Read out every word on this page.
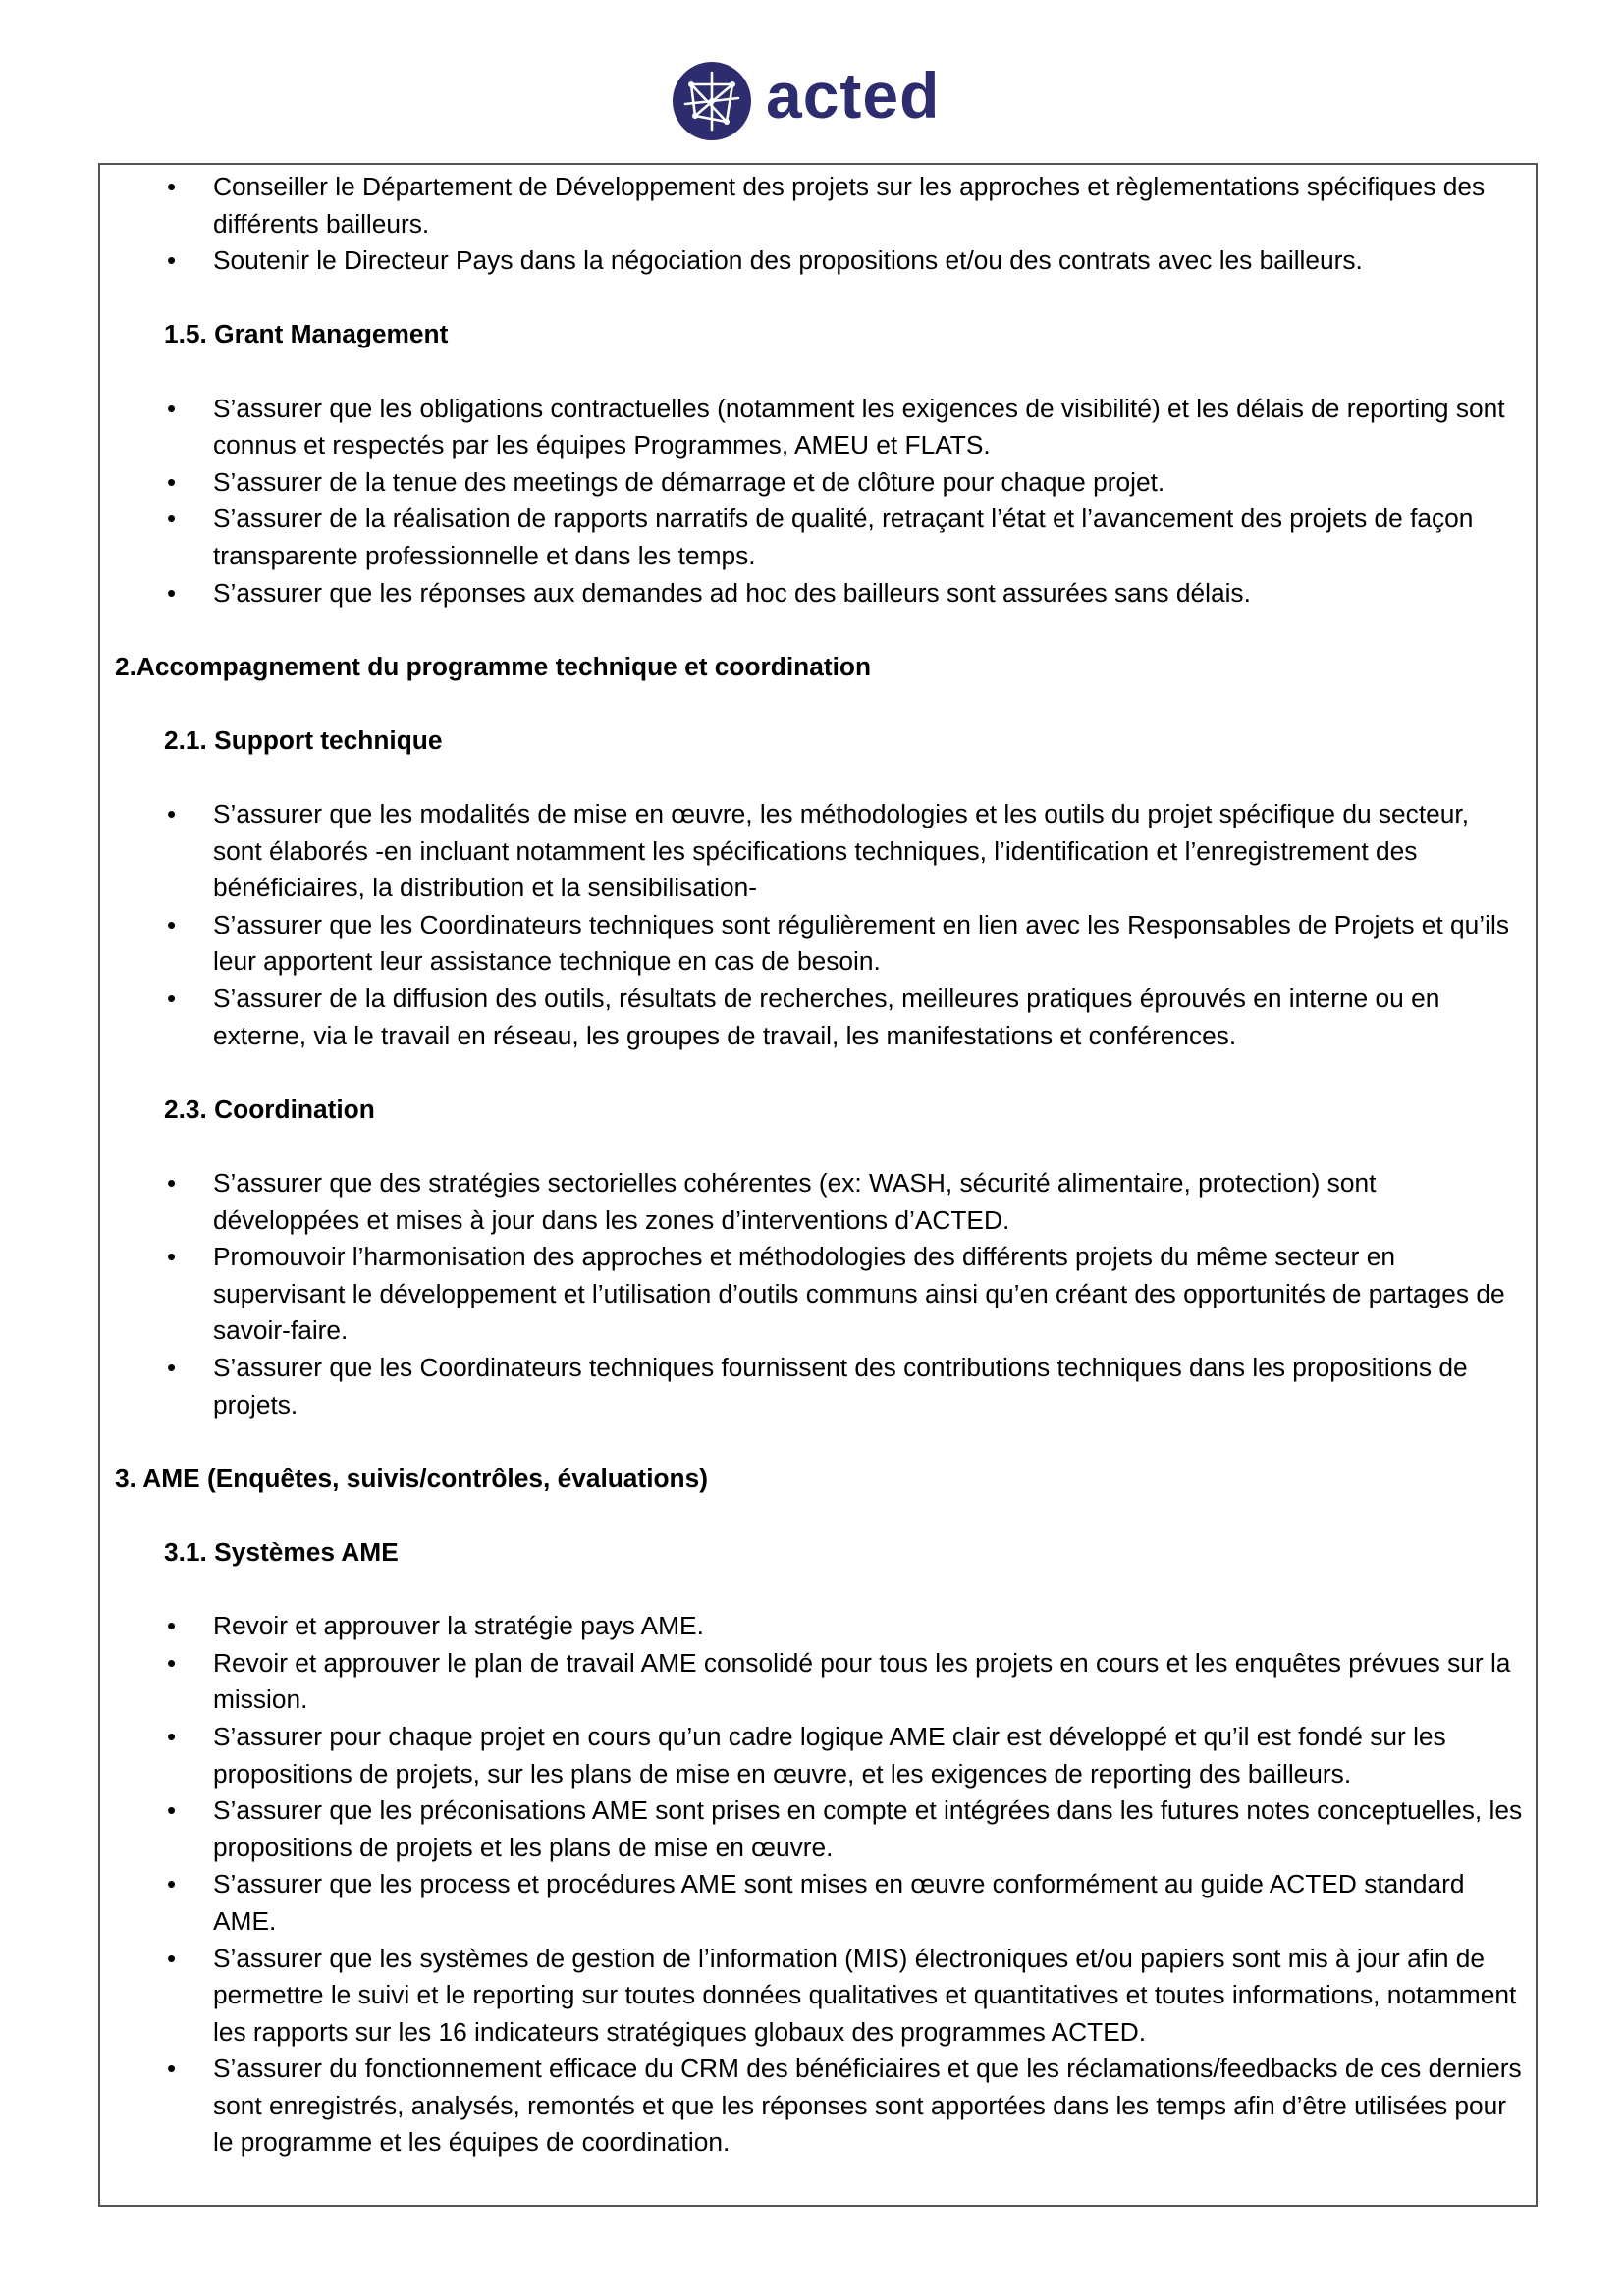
acted
• Conseiller le Département de Développement des projets sur les approches et règlementations spécifiques des différents bailleurs.
• Soutenir le Directeur Pays dans la négociation des propositions et/ou des contrats avec les bailleurs.
1.5. Grant Management
• S’assurer que les obligations contractuelles (notamment les exigences de visibilité) et les délais de reporting sont connus et respectés par les équipes Programmes, AMEU et FLATS.
• S’assurer de la tenue des meetings de démarrage et de clôture pour chaque projet.
• S’assurer de la réalisation de rapports narratifs de qualité, retraçant l’état et l’avancement des projets de façon transparente professionnelle et dans les temps.
• S’assurer que les réponses aux demandes ad hoc des bailleurs sont assurées sans délais.
2.Accompagnement du programme technique et coordination
2.1. Support technique
• S’assurer que les modalités de mise en œuvre, les méthodologies et les outils du projet spécifique du secteur, sont élaborés -en incluant notamment les spécifications techniques, l’identification et l’enregistrement des bénéficiaires, la distribution et la sensibilisation-
• S’assurer que les Coordinateurs techniques sont régulièrement en lien avec les Responsables de Projets et qu’ils leur apportent leur assistance technique en cas de besoin.
• S’assurer de la diffusion des outils, résultats de recherches, meilleures pratiques éprouvés en interne ou en externe, via le travail en réseau, les groupes de travail, les manifestations et conférences.
2.3. Coordination
• S’assurer que des stratégies sectorielles cohérentes (ex: WASH, sécurité alimentaire, protection) sont développées et mises à jour dans les zones d’interventions d’ACTED.
• Promouvoir l’harmonisation des approches et méthodologies des différents projets du même secteur en supervisant le développement et l’utilisation d’outils communs ainsi qu’en créant des opportunités de partages de savoir-faire.
• S’assurer que les Coordinateurs techniques fournissent des contributions techniques dans les propositions de projets.
3. AME (Enquêtes, suivis/contrôles, évaluations)
3.1. Systèmes AME
• Revoir et approuver la stratégie pays AME.
• Revoir et approuver le plan de travail AME consolidé pour tous les projets en cours et les enquêtes prévues sur la mission.
• S’assurer pour chaque projet en cours qu’un cadre logique AME clair est développé et qu’il est fondé sur les propositions de projets, sur les plans de mise en œuvre, et les exigences de reporting des bailleurs.
• S’assurer que les préconisations AME sont prises en compte et intégrées dans les futures notes conceptuelles, les propositions de projets et les plans de mise en œuvre.
• S’assurer que les process et procédures AME sont mises en œuvre conformément au guide ACTED standard AME.
• S’assurer que les systèmes de gestion de l’information (MIS) électroniques et/ou papiers sont mis à jour afin de permettre le suivi et le reporting sur toutes données qualitatives et quantitatives et toutes informations, notamment les rapports sur les 16 indicateurs stratégiques globaux des programmes ACTED.
• S’assurer du fonctionnement efficace du CRM des bénéficiaires et que les réclamations/feedbacks de ces derniers sont enregistrés, analysés, remontés et que les réponses sont apportées dans les temps afin d’être utilisées pour le programme et les équipes de coordination.
